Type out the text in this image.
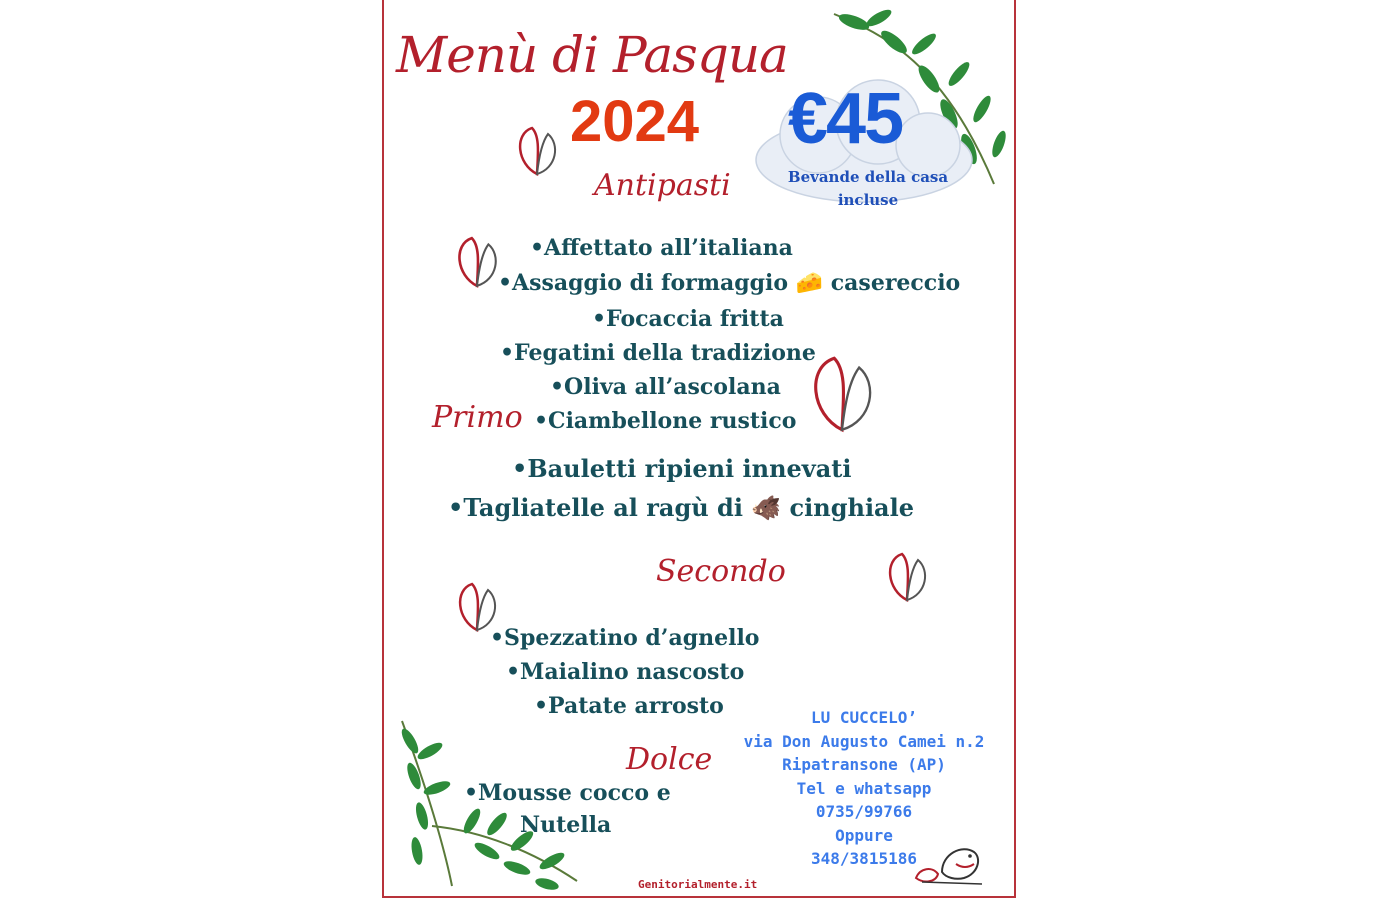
Menù di Pasqua
2024 €45
Bevande della casa
incluse
Antipasti
•Affettato all’italiana
•Assaggio di formaggio 🧀 casereccio
•Focaccia fritta
•Fegatini della tradizione
•Oliva all’ascolana
•Ciambellone rustico
Primo
•Bauletti ripieni innevati
•Tagliatelle al ragù di 🐗 cinghiale
Secondo
•Spezzatino d’agnello
•Maialino nascosto
•Patate arrosto
Dolce
•Mousse cocco e
Nutella
LU CUCCELO’
via Don Augusto Camei n.2
Ripatransone (AP)
Tel e whatsapp
0735/99766
Oppure
348/3815186
Genitorialmente.it
